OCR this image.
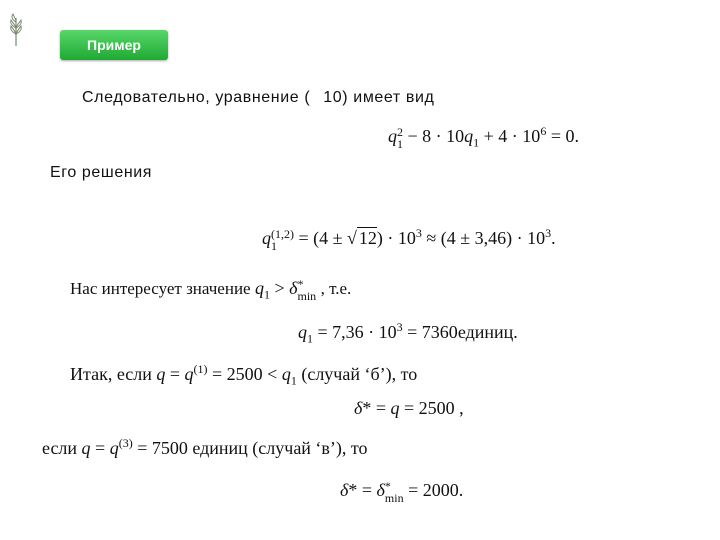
Пример
Следовательно, уравнение ( 10) имеет вид
q 2
$1 - 8 \cdot 10q_1 + 4 \cdot 10^6 = 0$.
Его решения
q (1,2)
1	= (4 ± √ $12) \cdot 10^3 \approx (4 \pm 3,46) \cdot 10^3$.
Нас интересует значение $q_1 > \delta$ *
min , т.е.
$q_1 = 7,36 \cdot 10^3$ = 7360единиц.
Итак, если $q = q^{(1)} = 2500 < q_1$ (случай ‘б’), то
δ* = q = 2500 ,
если $q = q^{(3)} = 7500$ единиц (случай ‘в’), то
δ* = δ *
min = 2000.
